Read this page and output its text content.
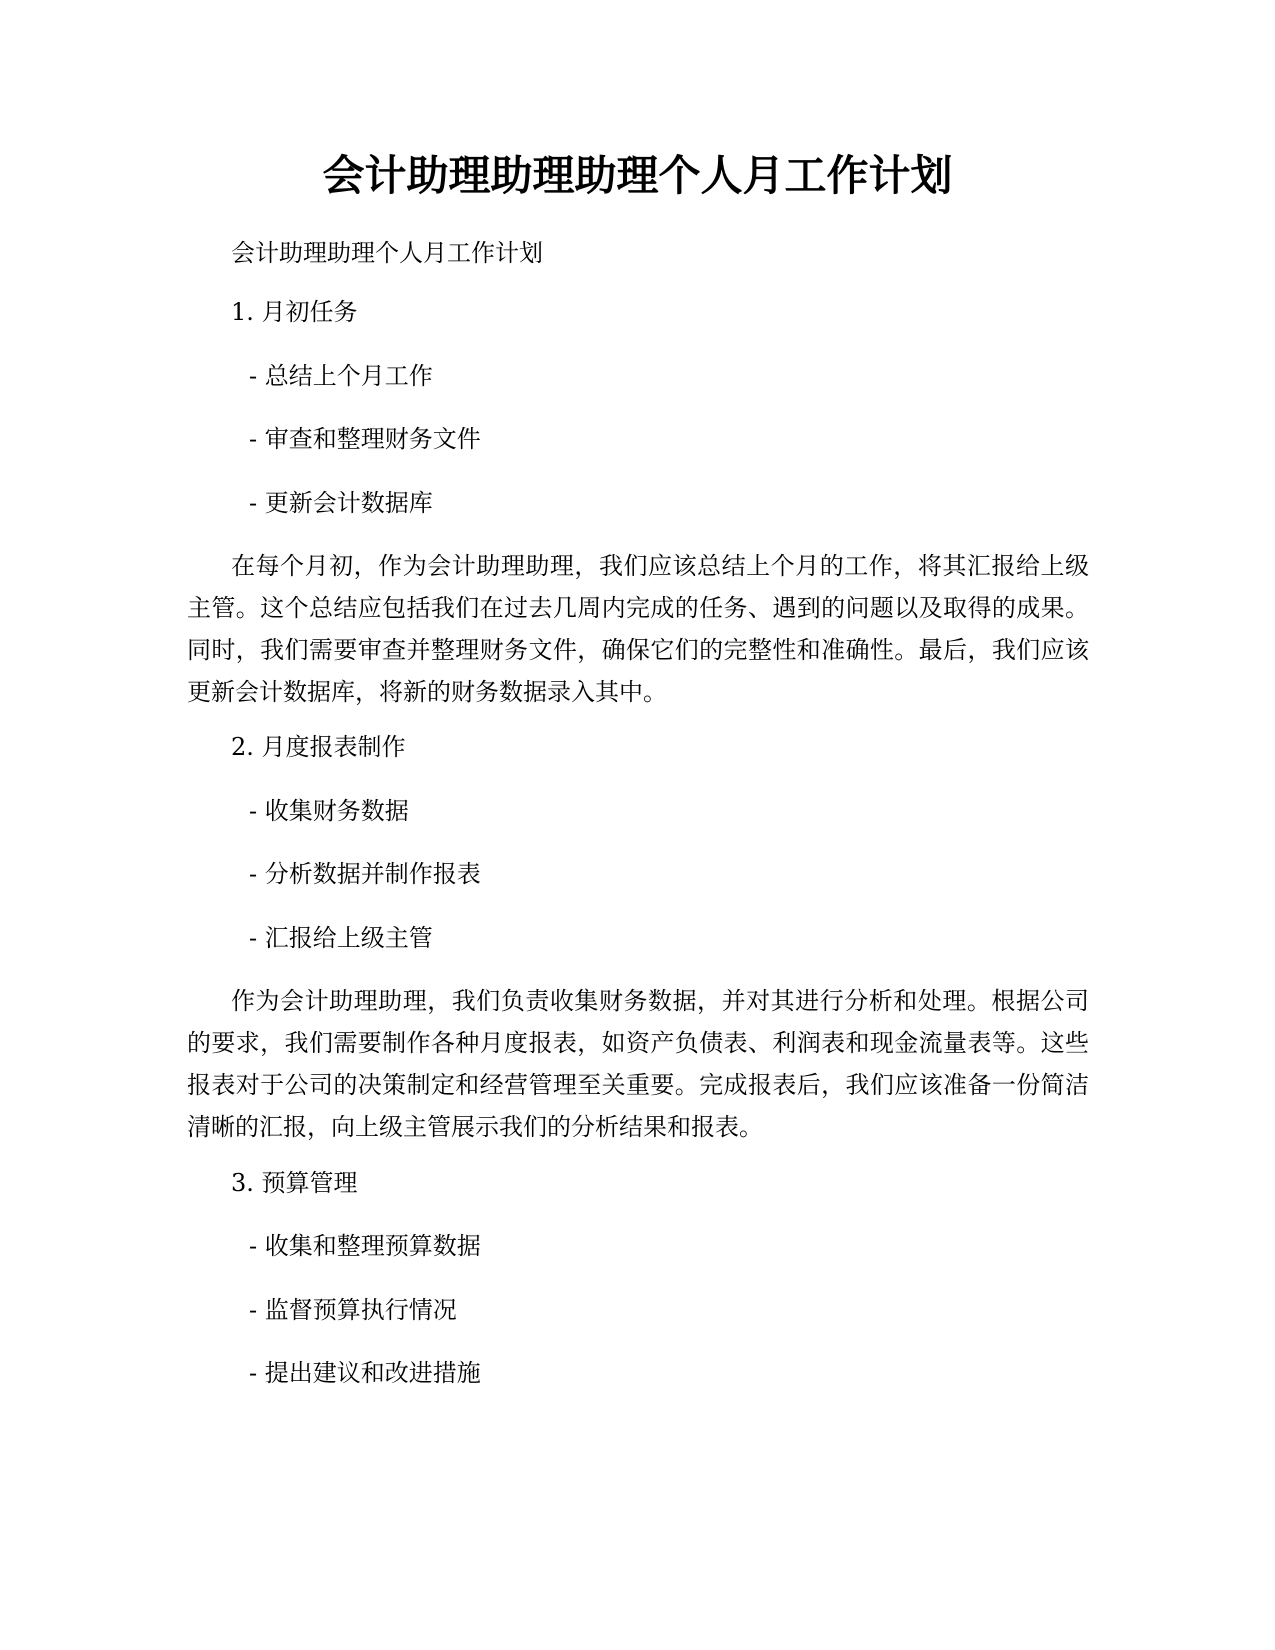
会计助理助理助理个人月工作计划

会计助理助理个人月工作计划

1. 月初任务

- 总结上个月工作

- 审查和整理财务文件

- 更新会计数据库

在每个月初，作为会计助理助理，我们应该总结上个月的工作，将其汇报给上级主管。这个总结应包括我们在过去几周内完成的任务、遇到的问题以及取得的成果。同时，我们需要审查并整理财务文件，确保它们的完整性和准确性。最后，我们应该更新会计数据库，将新的财务数据录入其中。

2. 月度报表制作

- 收集财务数据

- 分析数据并制作报表

- 汇报给上级主管

作为会计助理助理，我们负责收集财务数据，并对其进行分析和处理。根据公司的要求，我们需要制作各种月度报表，如资产负债表、利润表和现金流量表等。这些报表对于公司的决策制定和经营管理至关重要。完成报表后，我们应该准备一份简洁清晰的汇报，向上级主管展示我们的分析结果和报表。

3. 预算管理

- 收集和整理预算数据

- 监督预算执行情况

- 提出建议和改进措施
